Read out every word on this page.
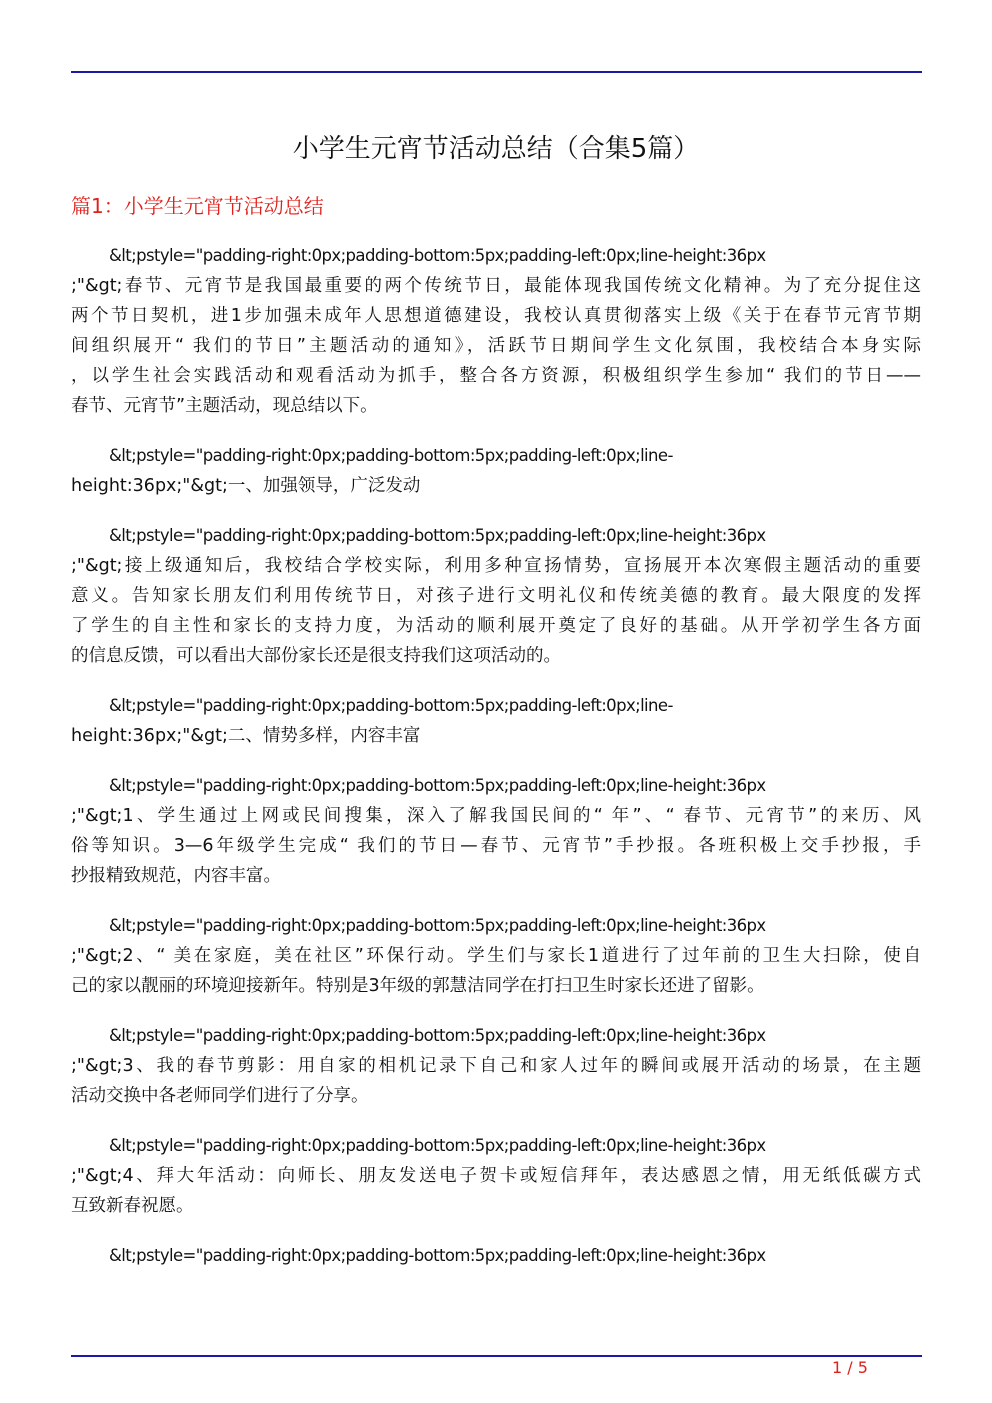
小学生元宵节活动总结（合集5篇）
篇1：小学生元宵节活动总结
&lt;pstyle="padding-right:0px;padding-bottom:5px;padding-left:0px;line-height:36px
;"&gt;春节、元宵节是我国最重要的两个传统节日，最能体现我国传统文化精神。为了充分捉住这
两个节日契机，进1步加强未成年人思想道德建设，我校认真贯彻落实上级《关于在春节元宵节期
间组织展开“ 我们的节日”主题活动的通知》，活跃节日期间学生文化氛围，我校结合本身实际
，以学生社会实践活动和观看活动为抓手，整合各方资源，积极组织学生参加“ 我们的节日——
春节、元宵节”主题活动，现总结以下。
&lt;pstyle="padding-right:0px;padding-bottom:5px;padding-left:0px;line-
height:36px;"&gt;一、加强领导，广泛发动
&lt;pstyle="padding-right:0px;padding-bottom:5px;padding-left:0px;line-height:36px
;"&gt;接上级通知后，我校结合学校实际，利用多种宣扬情势，宣扬展开本次寒假主题活动的重要
意义。告知家长朋友们利用传统节日，对孩子进行文明礼仪和传统美德的教育。最大限度的发挥
了学生的自主性和家长的支持力度，为活动的顺利展开奠定了良好的基础。从开学初学生各方面
的信息反馈，可以看出大部份家长还是很支持我们这项活动的。
&lt;pstyle="padding-right:0px;padding-bottom:5px;padding-left:0px;line-
height:36px;"&gt;二、情势多样，内容丰富
&lt;pstyle="padding-right:0px;padding-bottom:5px;padding-left:0px;line-height:36px
;"&gt;1、学生通过上网或民间搜集，深入了解我国民间的“ 年”、“ 春节、元宵节”的来历、风
俗等知识。3—6年级学生完成“ 我们的节日—春节、元宵节”手抄报。各班积极上交手抄报，手
抄报精致规范，内容丰富。
&lt;pstyle="padding-right:0px;padding-bottom:5px;padding-left:0px;line-height:36px
;"&gt;2、“ 美在家庭，美在社区”环保行动。学生们与家长1道进行了过年前的卫生大扫除，使自
己的家以靓丽的环境迎接新年。特别是3年级的郭慧洁同学在打扫卫生时家长还进了留影。
&lt;pstyle="padding-right:0px;padding-bottom:5px;padding-left:0px;line-height:36px
;"&gt;3、我的春节剪影：用自家的相机记录下自己和家人过年的瞬间或展开活动的场景，在主题
活动交换中各老师同学们进行了分享。
&lt;pstyle="padding-right:0px;padding-bottom:5px;padding-left:0px;line-height:36px
;"&gt;4、拜大年活动：向师长、朋友发送电子贺卡或短信拜年，表达感恩之情，用无纸低碳方式
互致新春祝愿。
&lt;pstyle="padding-right:0px;padding-bottom:5px;padding-left:0px;line-height:36px
1 / 5
